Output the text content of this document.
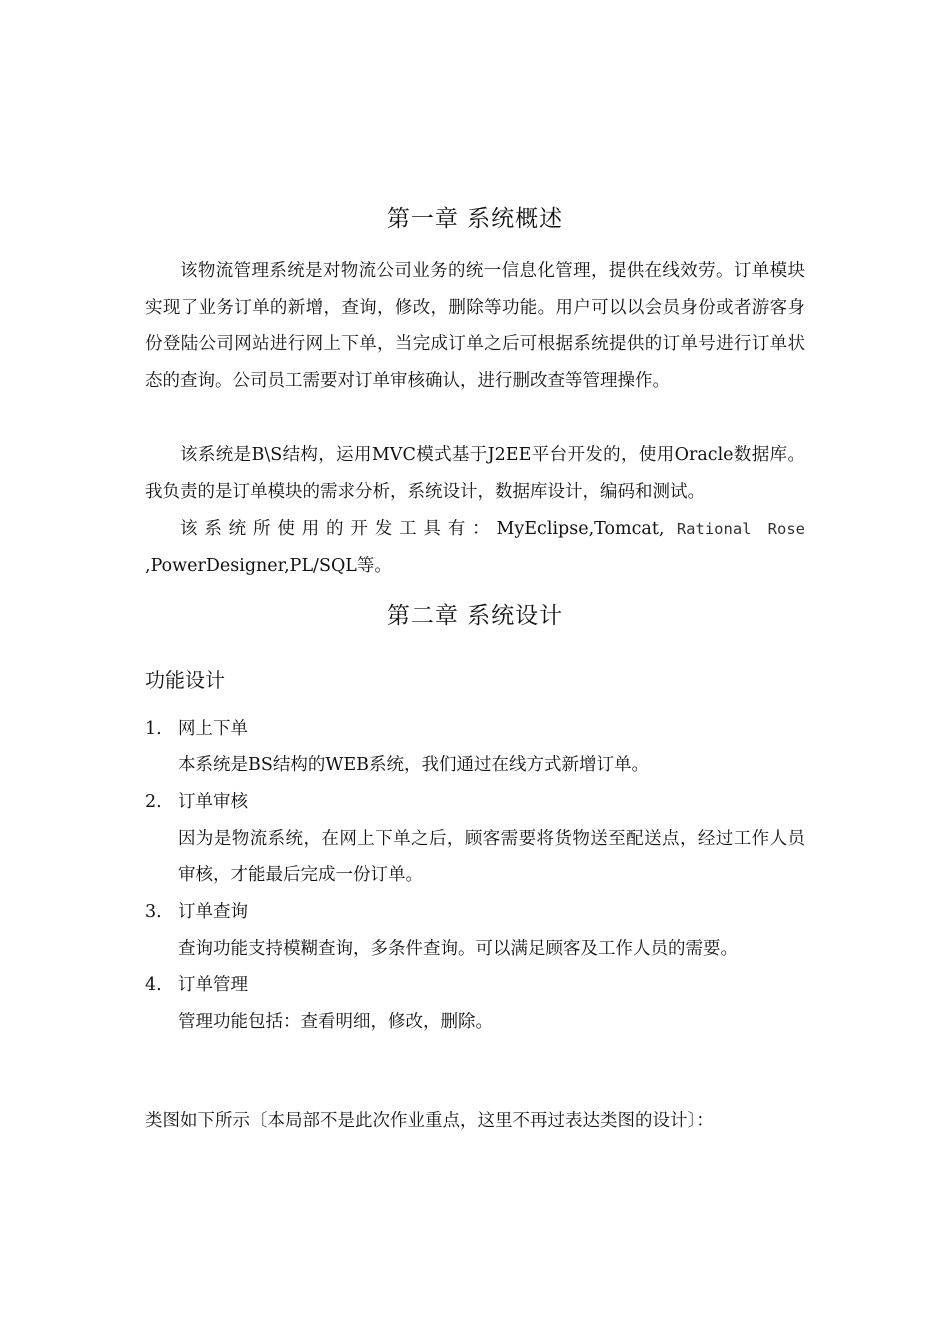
第一章 系统概述

该物流管理系统是对物流公司业务的统一信息化管理，提供在线效劳。订单模块实现了业务订单的新增，查询，修改，删除等功能。用户可以以会员身份或者游客身份登陆公司网站进行网上下单，当完成订单之后可根据系统提供的订单号进行订单状态的查询。公司员工需要对订单审核确认，进行删改查等管理操作。

该系统是B\S结构，运用MVC模式基于J2EE平台开发的，使用Oracle数据库。我负责的是订单模块的需求分析，系统设计，数据库设计，编码和测试。

该系统所使用的开发工具有：MyEclipse,Tomcat, Rational Rose ,PowerDesigner,PL/SQL等。

第二章 系统设计
功能设计
1. 网上下单

本系统是BS结构的WEB系统，我们通过在线方式新增订单。

2. 订单审核

因为是物流系统，在网上下单之后，顾客需要将货物送至配送点，经过工作人员审核，才能最后完成一份订单。

3. 订单查询

查询功能支持模糊查询，多条件查询。可以满足顾客及工作人员的需要。

4. 订单管理

管理功能包括：查看明细，修改，删除。

类图如下所示〔本局部不是此次作业重点，这里不再过表达类图的设计〕：
